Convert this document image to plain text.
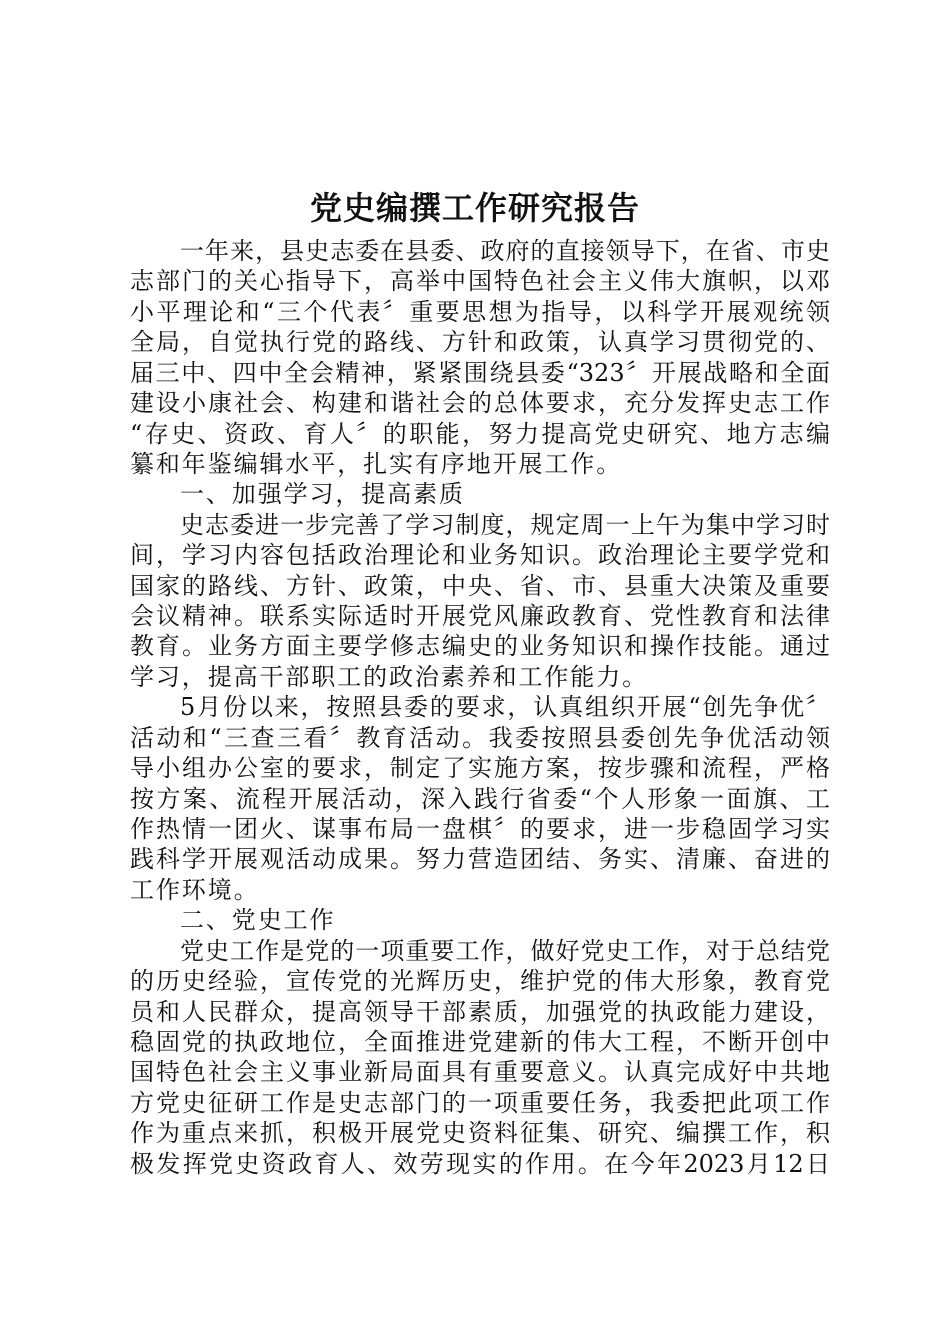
党史编撰工作研究报告
一年来，县史志委在县委、政府的直接领导下，在省、市史
志部门的关心指导下，高举中国特色社会主义伟大旗帜，以邓
小平理论和“三个代表〞重要思想为指导，以科学开展观统领
全局，自觉执行党的路线、方针和政策，认真学习贯彻党的、
届三中、四中全会精神，紧紧围绕县委“323〞开展战略和全面
建设小康社会、构建和谐社会的总体要求，充分发挥史志工作
“存史、资政、育人〞的职能，努力提高党史研究、地方志编
纂和年鉴编辑水平，扎实有序地开展工作。
一、加强学习，提高素质
史志委进一步完善了学习制度，规定周一上午为集中学习时
间，学习内容包括政治理论和业务知识。政治理论主要学党和
国家的路线、方针、政策，中央、省、市、县重大决策及重要
会议精神。联系实际适时开展党风廉政教育、党性教育和法律
教育。业务方面主要学修志编史的业务知识和操作技能。通过
学习，提高干部职工的政治素养和工作能力。
5月份以来，按照县委的要求，认真组织开展“创先争优〞
活动和“三查三看〞教育活动。我委按照县委创先争优活动领
导小组办公室的要求，制定了实施方案，按步骤和流程，严格
按方案、流程开展活动，深入践行省委“个人形象一面旗、工
作热情一团火、谋事布局一盘棋〞的要求，进一步稳固学习实
践科学开展观活动成果。努力营造团结、务实、清廉、奋进的
工作环境。
二、党史工作
党史工作是党的一项重要工作，做好党史工作，对于总结党
的历史经验，宣传党的光辉历史，维护党的伟大形象，教育党
员和人民群众，提高领导干部素质，加强党的执政能力建设，
稳固党的执政地位，全面推进党建新的伟大工程，不断开创中
国特色社会主义事业新局面具有重要意义。认真完成好中共地
方党史征研工作是史志部门的一项重要任务，我委把此项工作
作为重点来抓，积极开展党史资料征集、研究、编撰工作，积
极发挥党史资政育人、效劳现实的作用。在今年2023月12日
